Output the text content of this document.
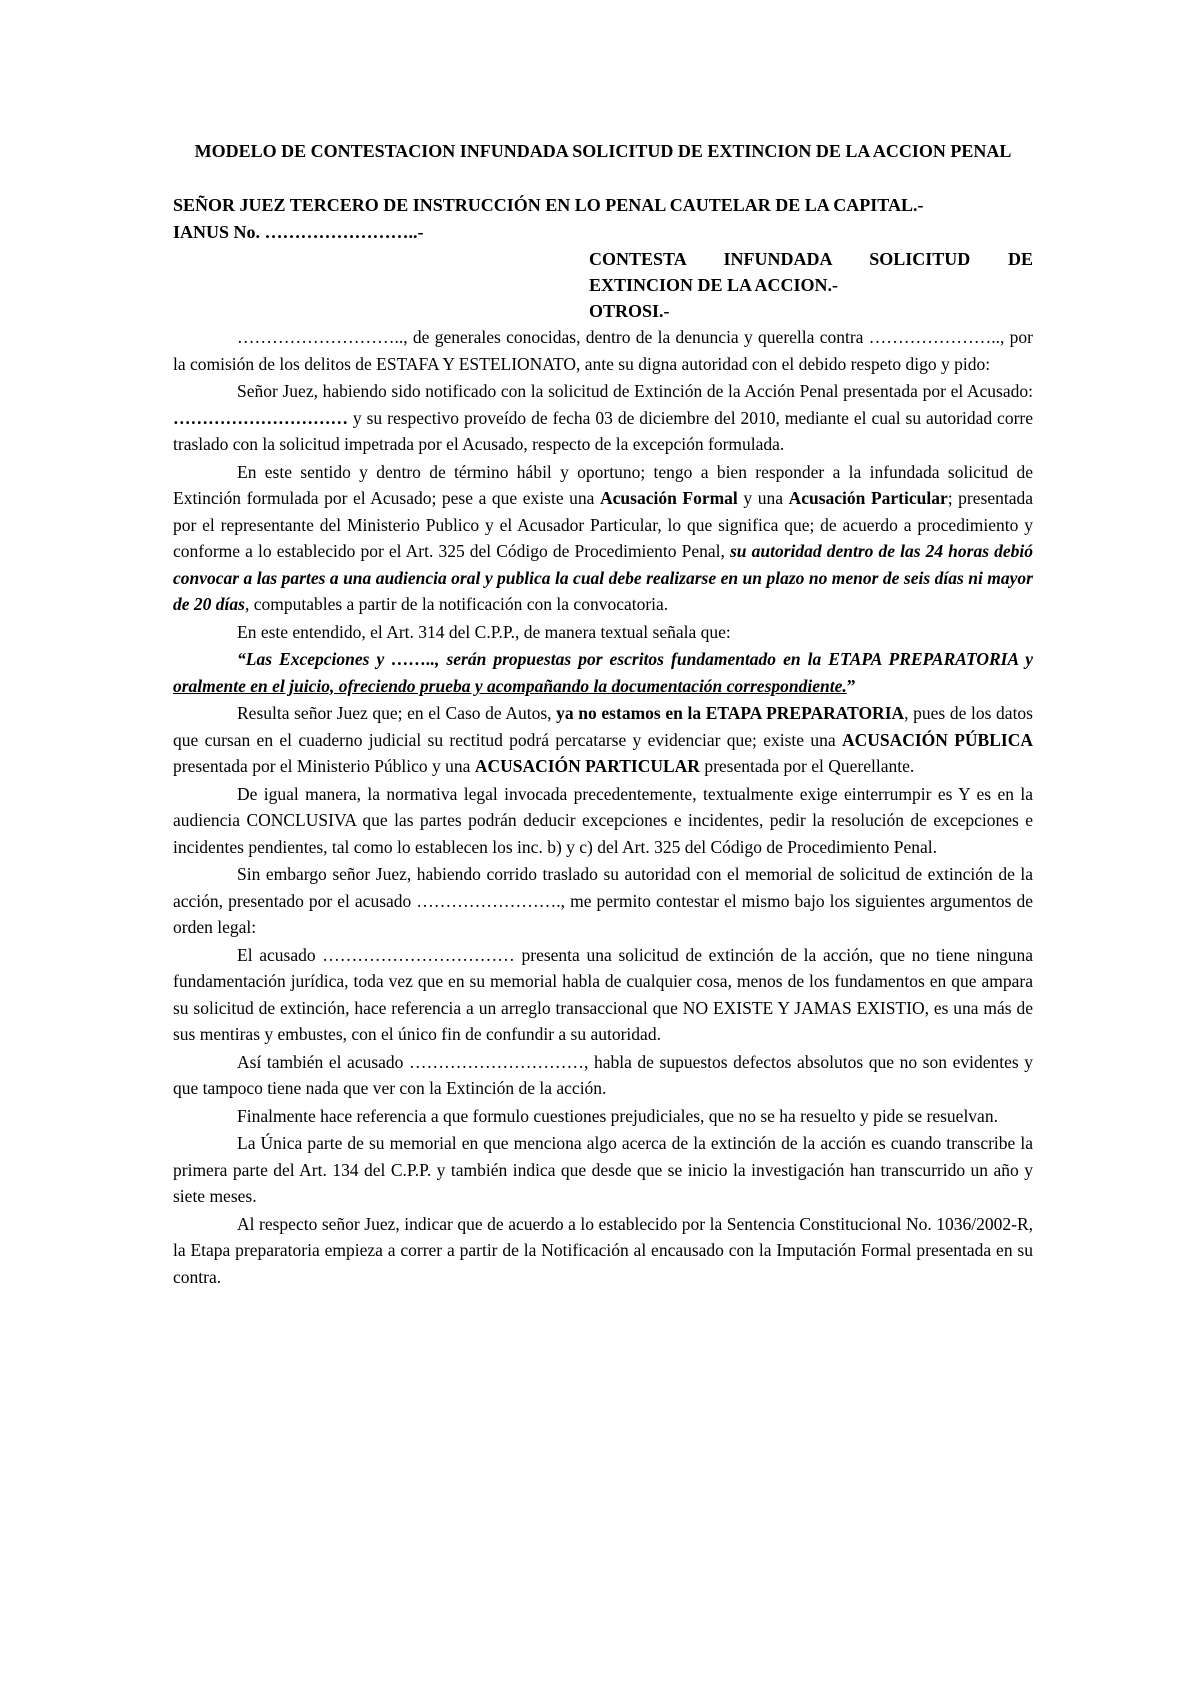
MODELO DE CONTESTACION INFUNDADA SOLICITUD DE EXTINCION DE LA ACCION PENAL
SEÑOR JUEZ TERCERO DE INSTRUCCIÓN EN LO PENAL CAUTELAR DE LA CAPITAL.-
IANUS No. ……………………..-
CONTESTA INFUNDADA SOLICITUD DE
EXTINCION DE LA ACCION.-
OTROSI.-

……………………….., de generales conocidas, dentro de la denuncia y querella contra ………………….., por la comisión de los delitos de ESTAFA Y ESTELIONATO, ante su digna autoridad con el debido respeto digo y pido:

Señor Juez, habiendo sido notificado con la solicitud de Extinción de la Acción Penal presentada por el Acusado: ………………………… y su respectivo proveído de fecha 03 de diciembre del 2010, mediante el cual su autoridad corre traslado con la solicitud impetrada por el Acusado, respecto de la excepción formulada.

En este sentido y dentro de término hábil y oportuno; tengo a bien responder a la infundada solicitud de Extinción formulada por el Acusado; pese a que existe una Acusación Formal y una Acusación Particular; presentada por el representante del Ministerio Publico y el Acusador Particular, lo que significa que; de acuerdo a procedimiento y conforme a lo establecido por el Art. 325 del Código de Procedimiento Penal, su autoridad dentro de las 24 horas debió convocar a las partes a una audiencia oral y publica la cual debe realizarse en un plazo no menor de seis días ni mayor de 20 días, computables a partir de la notificación con la convocatoria.

En este entendido, el Art. 314 del C.P.P., de manera textual señala que:

“Las Excepciones y …….., serán propuestas por escritos fundamentado en la ETAPA PREPARATORIA y oralmente en el juicio, ofreciendo prueba y acompañando la documentación correspondiente.”

Resulta señor Juez que; en el Caso de Autos, ya no estamos en la ETAPA PREPARATORIA, pues de los datos que cursan en el cuaderno judicial su rectitud podrá percatarse y evidenciar que; existe una ACUSACIÓN PÚBLICA presentada por el Ministerio Público y una ACUSACIÓN PARTICULAR presentada por el Querellante.

De igual manera, la normativa legal invocada precedentemente, textualmente exige einterrumpir es Y es en la audiencia CONCLUSIVA que las partes podrán deducir excepciones e incidentes, pedir la resolución de excepciones e incidentes pendientes, tal como lo establecen los inc. b) y c) del Art. 325 del Código de Procedimiento Penal.

Sin embargo señor Juez, habiendo corrido traslado su autoridad con el memorial de solicitud de extinción de la acción, presentado por el acusado ……………………., me permito contestar el mismo bajo los siguientes argumentos de orden legal:

El acusado …………………………… presenta una solicitud de extinción de la acción, que no tiene ninguna fundamentación jurídica, toda vez que en su memorial habla de cualquier cosa, menos de los fundamentos en que ampara su solicitud de extinción, hace referencia a un arreglo transaccional que NO EXISTE Y JAMAS EXISTIO, es una más de sus mentiras y embustes, con el único fin de confundir a su autoridad.

Así también el acusado …………………………, habla de supuestos defectos absolutos que no son evidentes y que tampoco tiene nada que ver con la Extinción de la acción.

Finalmente hace referencia a que formulo cuestiones prejudiciales, que no se ha resuelto y pide se resuelvan.

La Única parte de su memorial en que menciona algo acerca de la extinción de la acción es cuando transcribe la primera parte del Art. 134 del C.P.P. y también indica que desde que se inicio la investigación han transcurrido un año y siete meses.

Al respecto señor Juez, indicar que de acuerdo a lo establecido por la Sentencia Constitucional No. 1036/2002-R, la Etapa preparatoria empieza a correr a partir de la Notificación al encausado con la Imputación Formal presentada en su contra.
